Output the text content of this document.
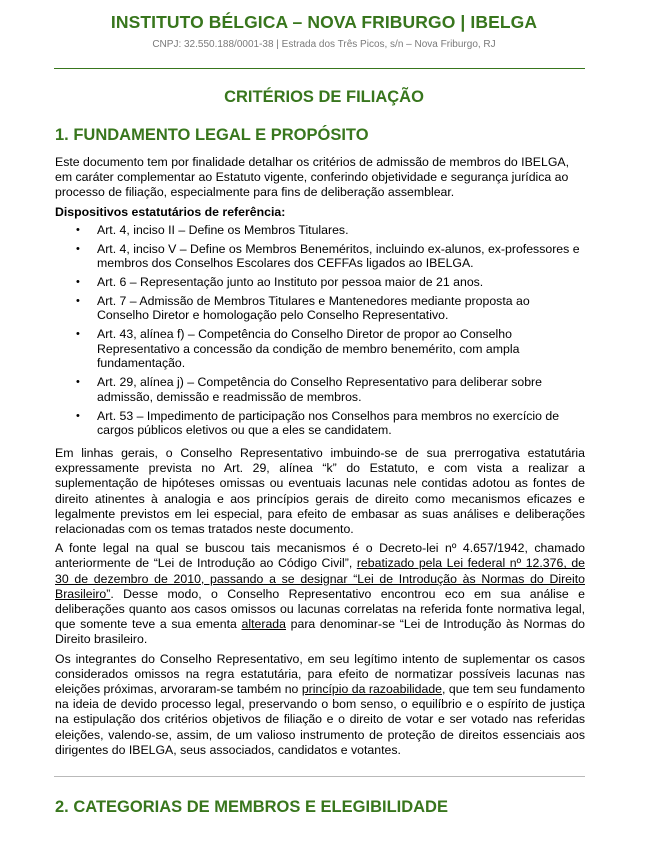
INSTITUTO BÉLGICA – NOVA FRIBURGO | IBELGA
CNPJ: 32.550.188/0001-38 | Estrada dos Três Picos, s/n – Nova Friburgo, RJ
CRITÉRIOS DE FILIAÇÃO
1. FUNDAMENTO LEGAL E PROPÓSITO

Este documento tem por finalidade detalhar os critérios de admissão de membros do IBELGA, em caráter complementar ao Estatuto vigente, conferindo objetividade e segurança jurídica ao processo de filiação, especialmente para fins de deliberação assemblear.

Dispositivos estatutários de referência:
• Art. 4, inciso II – Define os Membros Titulares.
• Art. 4, inciso V – Define os Membros Beneméritos, incluindo ex-alunos, ex-professores e membros dos Conselhos Escolares dos CEFFAs ligados ao IBELGA.
• Art. 6 – Representação junto ao Instituto por pessoa maior de 21 anos.
• Art. 7 – Admissão de Membros Titulares e Mantenedores mediante proposta ao Conselho Diretor e homologação pelo Conselho Representativo.
• Art. 43, alínea f) – Competência do Conselho Diretor de propor ao Conselho Representativo a concessão da condição de membro benemérito, com ampla fundamentação.
• Art. 29, alínea j) – Competência do Conselho Representativo para deliberar sobre admissão, demissão e readmissão de membros.
• Art. 53 – Impedimento de participação nos Conselhos para membros no exercício de cargos públicos eletivos ou que a eles se candidatem.

Em linhas gerais, o Conselho Representativo imbuindo-se de sua prerrogativa estatutária expressamente prevista no Art. 29, alínea “k” do Estatuto, e com vista a realizar a suplementação de hipóteses omissas ou eventuais lacunas nele contidas adotou as fontes de direito atinentes à analogia e aos princípios gerais de direito como mecanismos eficazes e legalmente previstos em lei especial, para efeito de embasar as suas análises e deliberações relacionadas com os temas tratados neste documento.

A fonte legal na qual se buscou tais mecanismos é o Decreto-lei nº 4.657/1942, chamado anteriormente de “Lei de Introdução ao Código Civil”, rebatizado pela Lei federal nº 12.376, de 30 de dezembro de 2010, passando a se designar “Lei de Introdução às Normas do Direito Brasileiro”. Desse modo, o Conselho Representativo encontrou eco em sua análise e deliberações quanto aos casos omissos ou lacunas correlatas na referida fonte normativa legal, que somente teve a sua ementa alterada para denominar-se “Lei de Introdução às Normas do Direito brasileiro.

Os integrantes do Conselho Representativo, em seu legítimo intento de suplementar os casos considerados omissos na regra estatutária, para efeito de normatizar possíveis lacunas nas eleições próximas, arvoraram-se também no princípio da razoabilidade, que tem seu fundamento na ideia de devido processo legal, preservando o bom senso, o equilíbrio e o espírito de justiça na estipulação dos critérios objetivos de filiação e o direito de votar e ser votado nas referidas eleições, valendo-se, assim, de um valioso instrumento de proteção de direitos essenciais aos dirigentes do IBELGA, seus associados, candidatos e votantes.

2. CATEGORIAS DE MEMBROS E ELEGIBILIDADE
